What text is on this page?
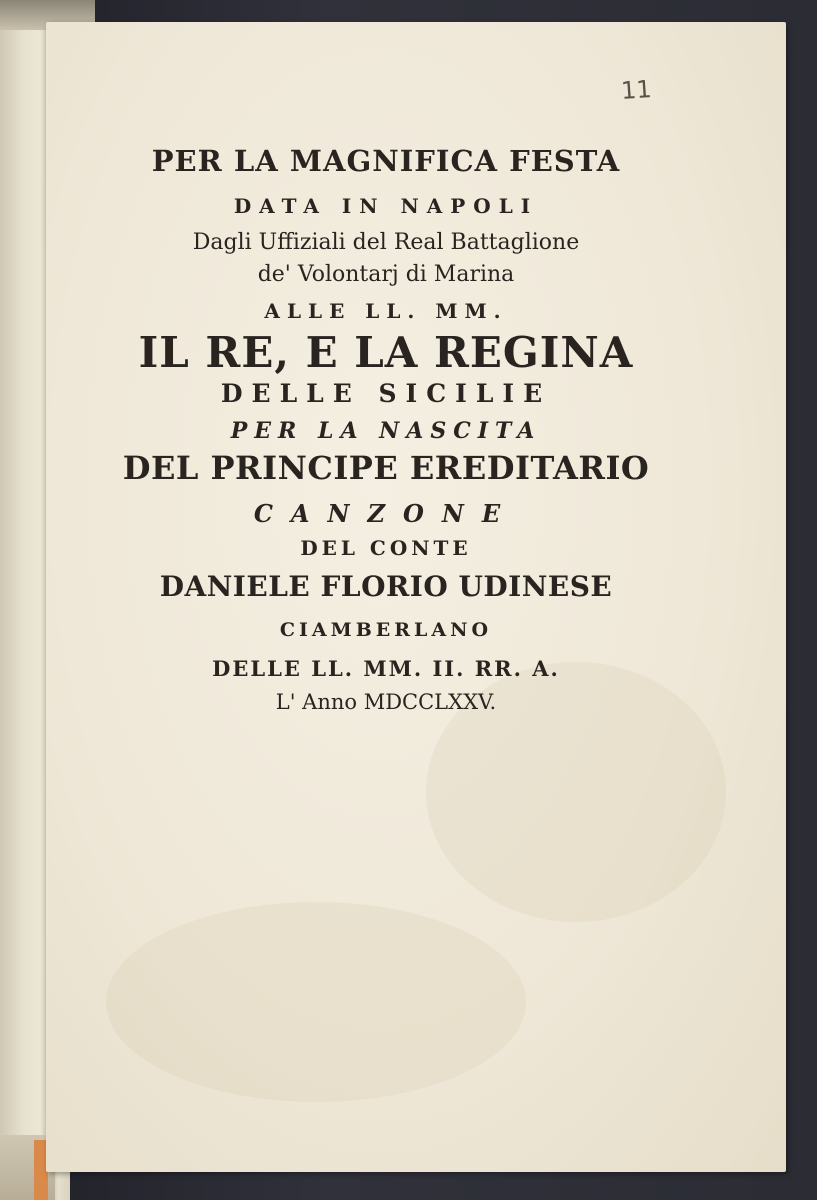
11
PER LA MAGNIFICA FESTA
DATA IN NAPOLI
Dagli Uffiziali del Real Battaglione
de' Volontarj di Marina
ALLE LL. MM.
IL RE, E LA REGINA
DELLE SICILIE
PER LA NASCITA
DEL PRINCIPE EREDITARIO
CANZONE
DEL CONTE
DANIELE FLORIO UDINESE
CIAMBERLANO
DELLE LL. MM. II. RR. A.
L' Anno MDCCLXXV.
